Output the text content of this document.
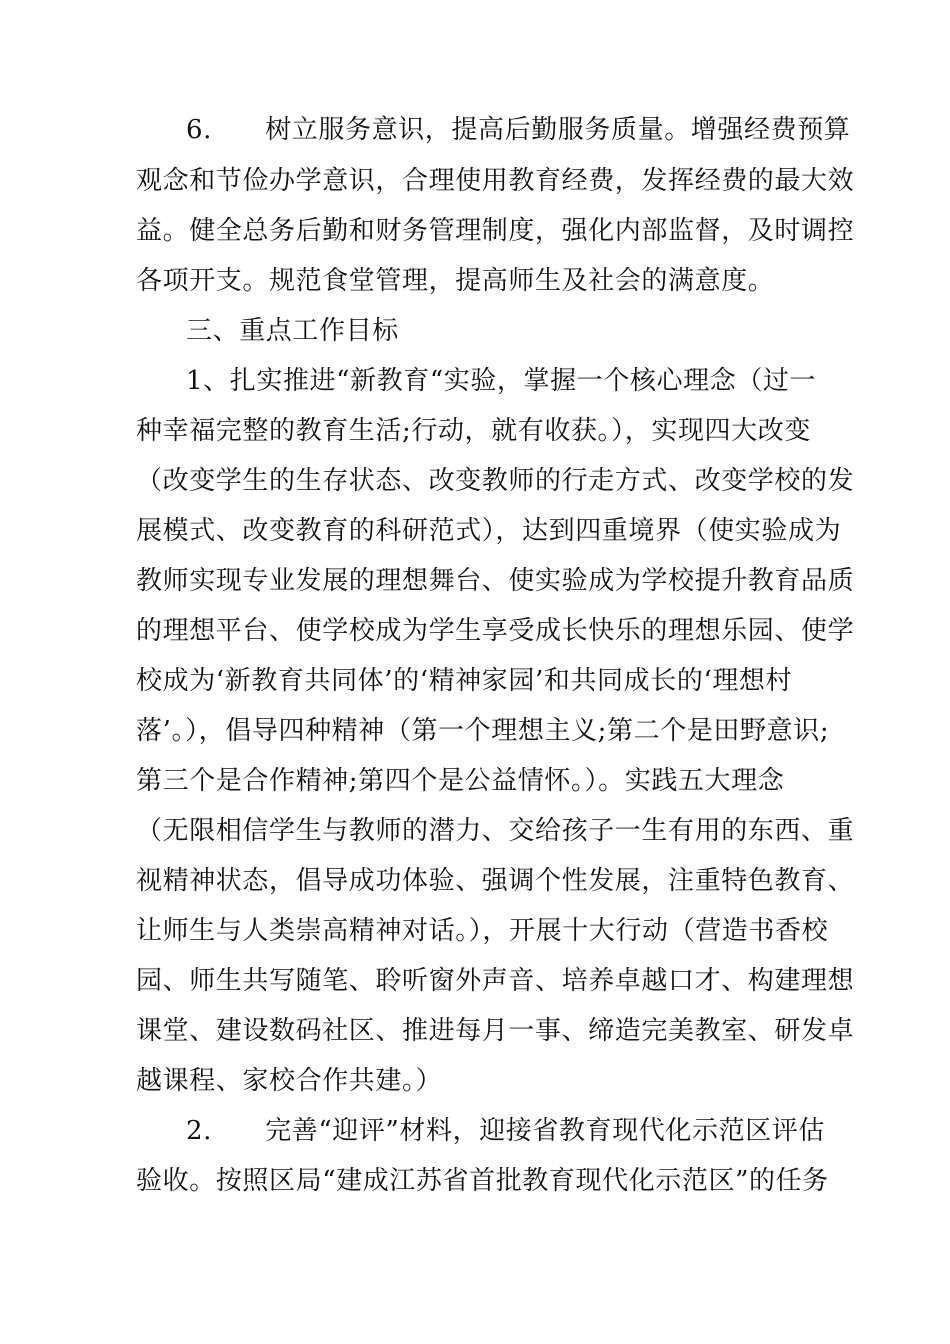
6.　　树立服务意识，提高后勤服务质量。增强经费预算
观念和节俭办学意识，合理使用教育经费，发挥经费的最大效
益。健全总务后勤和财务管理制度，强化内部监督，及时调控
各项开支。规范食堂管理，提高师生及社会的满意度。
三、重点工作目标
1、扎实推进“新教育“实验，掌握一个核心理念（过一
种幸福完整的教育生活;行动，就有收获。），实现四大改变
（改变学生的生存状态、改变教师的行走方式、改变学校的发
展模式、改变教育的科研范式），达到四重境界（使实验成为
教师实现专业发展的理想舞台、使实验成为学校提升教育品质
的理想平台、使学校成为学生享受成长快乐的理想乐园、使学
校成为‘新教育共同体’的‘精神家园’和共同成长的‘理想村
落’。），倡导四种精神（第一个理想主义;第二个是田野意识;
第三个是合作精神;第四个是公益情怀。）。实践五大理念
（无限相信学生与教师的潜力、交给孩子一生有用的东西、重
视精神状态，倡导成功体验、强调个性发展，注重特色教育、
让师生与人类崇高精神对话。），开展十大行动（营造书香校
园、师生共写随笔、聆听窗外声音、培养卓越口才、构建理想
课堂、建设数码社区、推进每月一事、缔造完美教室、研发卓
越课程、家校合作共建。）
2.　　完善“迎评”材料，迎接省教育现代化示范区评估
验收。按照区局“建成江苏省首批教育现代化示范区”的任务
